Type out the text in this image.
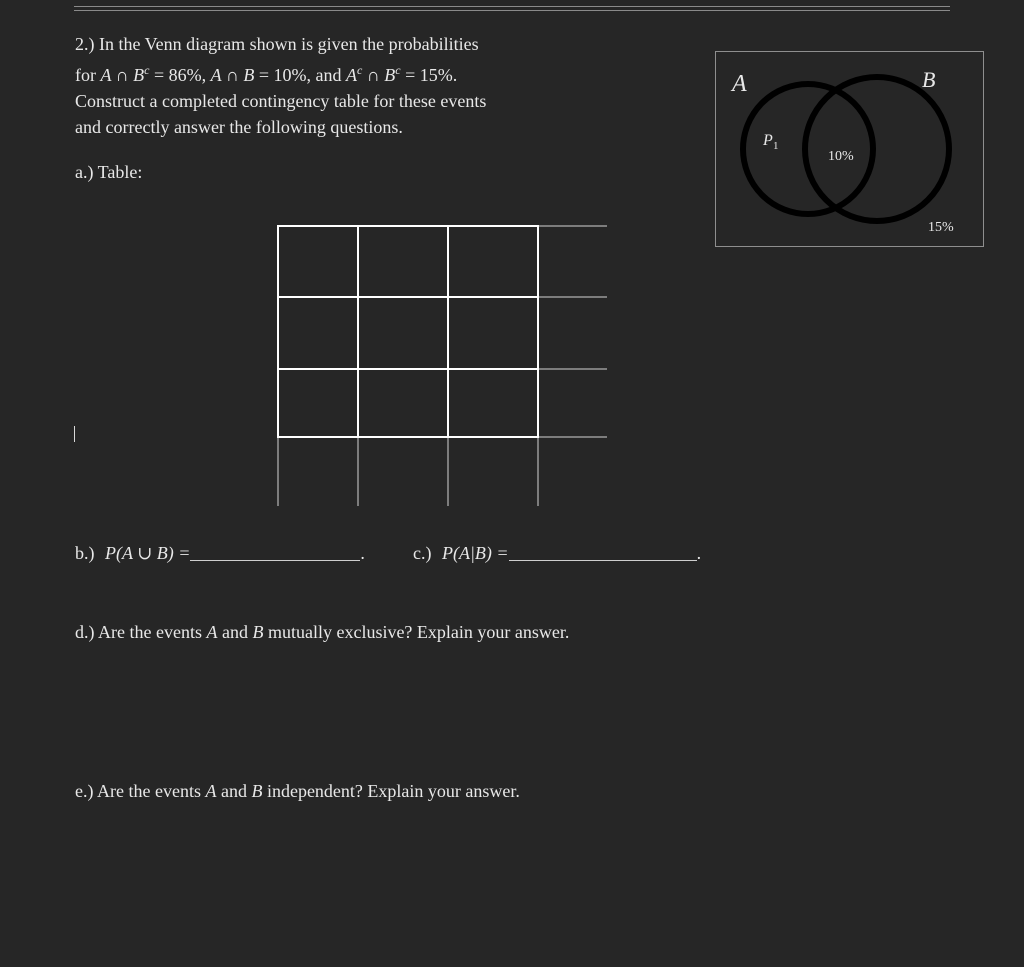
2.) In the Venn diagram shown is given the probabilities
for A ∩ $B^c = 86\%$, A ∩ B = 10%, and $A^c$ ∩ $B^c = 15\%$.
Construct a completed contingency table for these events
and correctly answer the following questions.
a.) Table:
b.) P(A ∪ B) =	.	c.) P(A|B) =	.
d.) Are the events A and B mutually exclusive? Explain your answer.
e.) Are the events A and B independent? Explain your answer.
A	B
P 1
10%
15%
